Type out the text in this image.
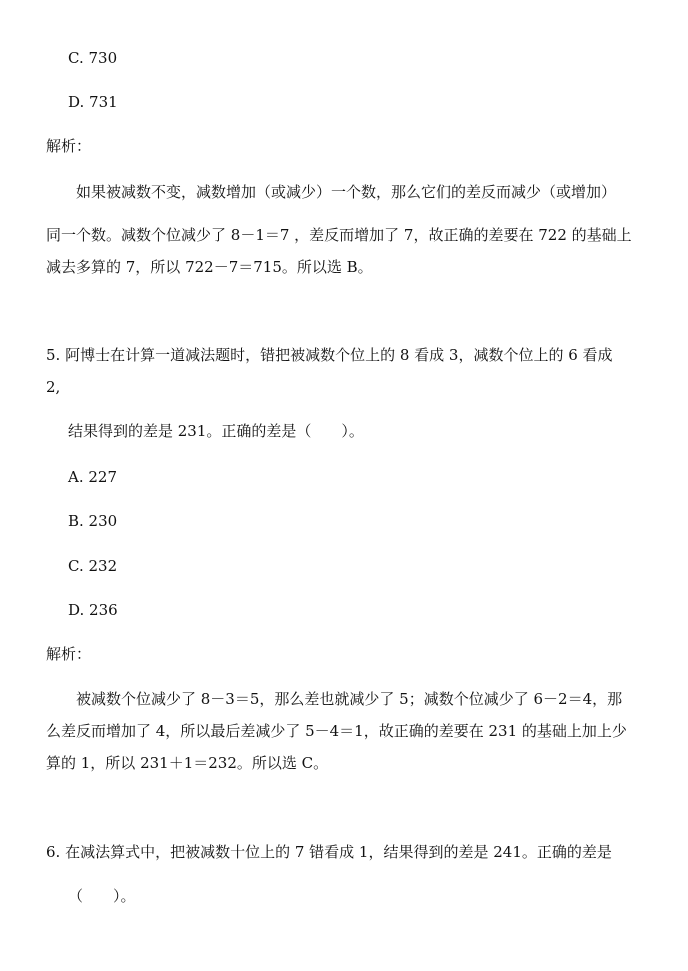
C. 730
D. 731
解析：
如果被减数不变，减数增加（或减少）一个数，那么它们的差反而减少（或增加）
同一个数。减数个位减少了 8－1＝7 ，差反而增加了 7，故正确的差要在 722 的基础上
减去多算的 7，所以 722－7＝715。所以选 B。
5. 阿博士在计算一道减法题时，错把被减数个位上的 8 看成 3，减数个位上的 6 看成
2,
结果得到的差是 231。正确的差是（　　）。
A. 227
B. 230
C. 232
D. 236
解析：
被减数个位减少了 8－3＝5，那么差也就减少了 5；减数个位减少了 6－2＝4，那
么差反而增加了 4，所以最后差减少了 5－4＝1，故正确的差要在 231 的基础上加上少
算的 1，所以 231＋1＝232。所以选 C。
6. 在减法算式中，把被减数十位上的 7 错看成 1，结果得到的差是 241。正确的差是
（　　）。
